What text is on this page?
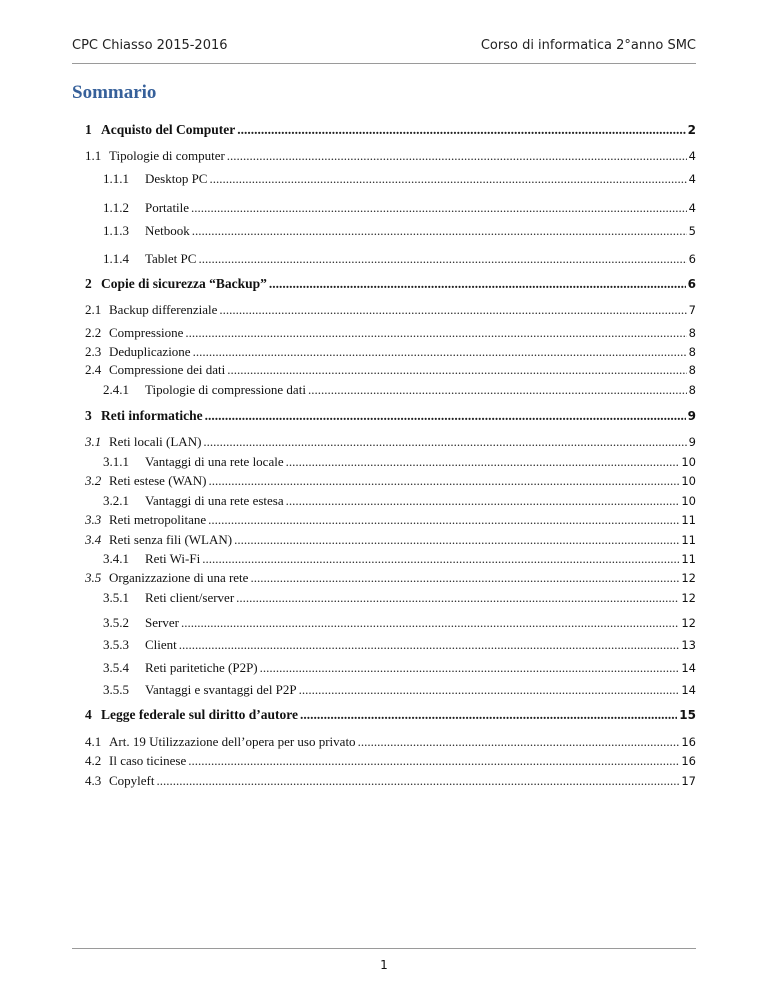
CPC Chiasso 2015-2016	Corso di informatica 2°anno SMC
Sommario
1 Acquisto del Computer .....	2
1.1 Tipologie di computer .....	4
1.1.1	Desktop PC .....	4
1.1.2	Portatile .....	4
1.1.3	Netbook .....	5
1.1.4	Tablet PC .....	6
2 Copie di sicurezza “Backup” .....	6
2.1 Backup differenziale .....	7
2.2 Compressione .....	8
2.3 Deduplicazione .....	8
2.4 Compressione dei dati .....	8
2.4.1	Tipologie di compressione dati .....	8
3 Reti informatiche .....	9
3.1 Reti locali (LAN) .....	9
3.1.1	Vantaggi di una rete locale .....	10
3.2 Reti estese (WAN) .....	10
3.2.1	Vantaggi di una rete estesa .....	10
3.3 Reti metropolitane .....	11
3.4 Reti senza fili (WLAN) .....	11
3.4.1	Reti Wi-Fi .....	11
3.5 Organizzazione di una rete .....	12
3.5.1	Reti client/server .....	12
3.5.2	Server .....	12
3.5.3	Client .....	13
3.5.4	Reti paritetiche (P2P) .....	14
3.5.5	Vantaggi e svantaggi del P2P .....	14
4 Legge federale sul diritto d’autore .....	15
4.1 Art. 19 Utilizzazione dell’opera per uso privato .....	16
4.2 Il caso ticinese .....	16
4.3 Copyleft .....	17
1
